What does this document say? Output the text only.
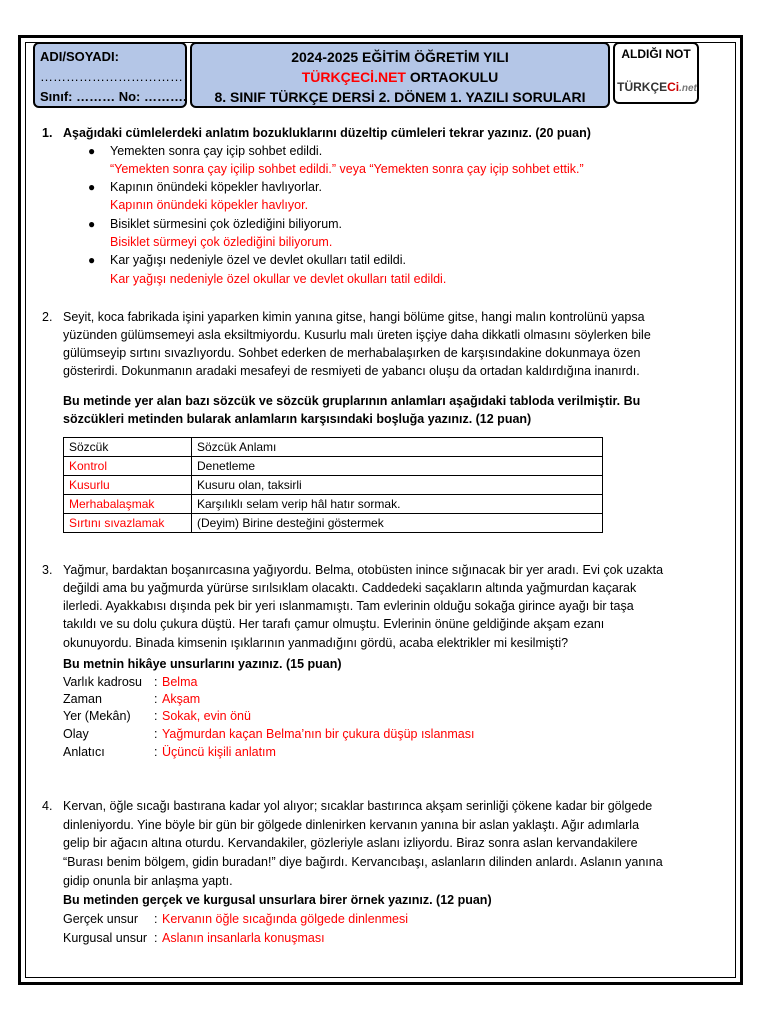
ADI/SOYADI:
……………………………
Sınıf: ……… No: ……….
2024-2025 EĞİTİM ÖĞRETİM YILI
TÜRKÇECİ.NET ORTAOKULU
8. SINIF TÜRKÇE DERSİ 2. DÖNEM 1. YAZILI SORULARI
ALDIĞI NOT
TÜRKÇECi.net
1. Aşağıdaki cümlelerdeki anlatım bozukluklarını düzeltip cümleleri tekrar yazınız. (20 puan)
● Yemekten sonra çay içip sohbet edildi.
“Yemekten sonra çay içilip sohbet edildi.” veya “Yemekten sonra çay içip sohbet ettik.”
● Kapının önündeki köpekler havlıyorlar.
Kapının önündeki köpekler havlıyor.
● Bisiklet sürmesini çok özlediğini biliyorum.
Bisiklet sürmeyi çok özlediğini biliyorum.
● Kar yağışı nedeniyle özel ve devlet okulları tatil edildi.
Kar yağışı nedeniyle özel okullar ve devlet okulları tatil edildi.
2. Seyit, koca fabrikada işini yaparken kimin yanına gitse, hangi bölüme gitse, hangi malın kontrolünü yapsa
yüzünden gülümsemeyi asla eksiltmiyordu. Kusurlu malı üreten işçiye daha dikkatli olmasını söylerken bile
gülümseyip sırtını sıvazlıyordu. Sohbet ederken de merhabalaşırken de karşısındakine dokunmaya özen
gösterirdi. Dokunmanın aradaki mesafeyi de resmiyeti de yabancı oluşu da ortadan kaldırdığına inanırdı.
Bu metinde yer alan bazı sözcük ve sözcük gruplarının anlamları aşağıdaki tabloda verilmiştir. Bu
sözcükleri metinden bularak anlamların karşısındaki boşluğa yazınız. (12 puan)
Sözcük	Sözcük Anlamı
Kontrol	Denetleme
Kusurlu	Kusuru olan, taksirli
Merhabalaşmak	Karşılıklı selam verip hâl hatır sormak.
Sırtını sıvazlamak	(Deyim) Birine desteğini göstermek
3. Yağmur, bardaktan boşanırcasına yağıyordu. Belma, otobüsten inince sığınacak bir yer aradı. Evi çok uzakta
değildi ama bu yağmurda yürürse sırılsıklam olacaktı. Caddedeki saçakların altında yağmurdan kaçarak
ilerledi. Ayakkabısı dışında pek bir yeri ıslanmamıştı. Tam evlerinin olduğu sokağa girince ayağı bir taşa
takıldı ve su dolu çukura düştü. Her tarafı çamur olmuştu. Evlerinin önüne geldiğinde akşam ezanı
okunuyordu. Binada kimsenin ışıklarının yanmadığını gördü, acaba elektrikler mi kesilmişti?
Bu metnin hikâye unsurlarını yazınız. (15 puan)
Varlık kadrosu : Belma
Zaman	: Akşam
Yer (Mekân) : Sokak, evin önü
Olay	: Yağmurdan kaçan Belma’nın bir çukura düşüp ıslanması
Anlatıcı	: Üçüncü kişili anlatım
4. Kervan, öğle sıcağı bastırana kadar yol alıyor; sıcaklar bastırınca akşam serinliği çökene kadar bir gölgede
dinleniyordu. Yine böyle bir gün bir gölgede dinlenirken kervanın yanına bir aslan yaklaştı. Ağır adımlarla
gelip bir ağacın altına oturdu. Kervandakiler, gözleriyle aslanı izliyordu. Biraz sonra aslan kervandakilere
“Burası benim bölgem, gidin buradan!” diye bağırdı. Kervancıbaşı, aslanların dilinden anlardı. Aslanın yanına
gidip onunla bir anlaşma yaptı.
Bu metinden gerçek ve kurgusal unsurlara birer örnek yazınız. (12 puan)
Gerçek unsur : Kervanın öğle sıcağında gölgede dinlenmesi
Kurgusal unsur : Aslanın insanlarla konuşması
